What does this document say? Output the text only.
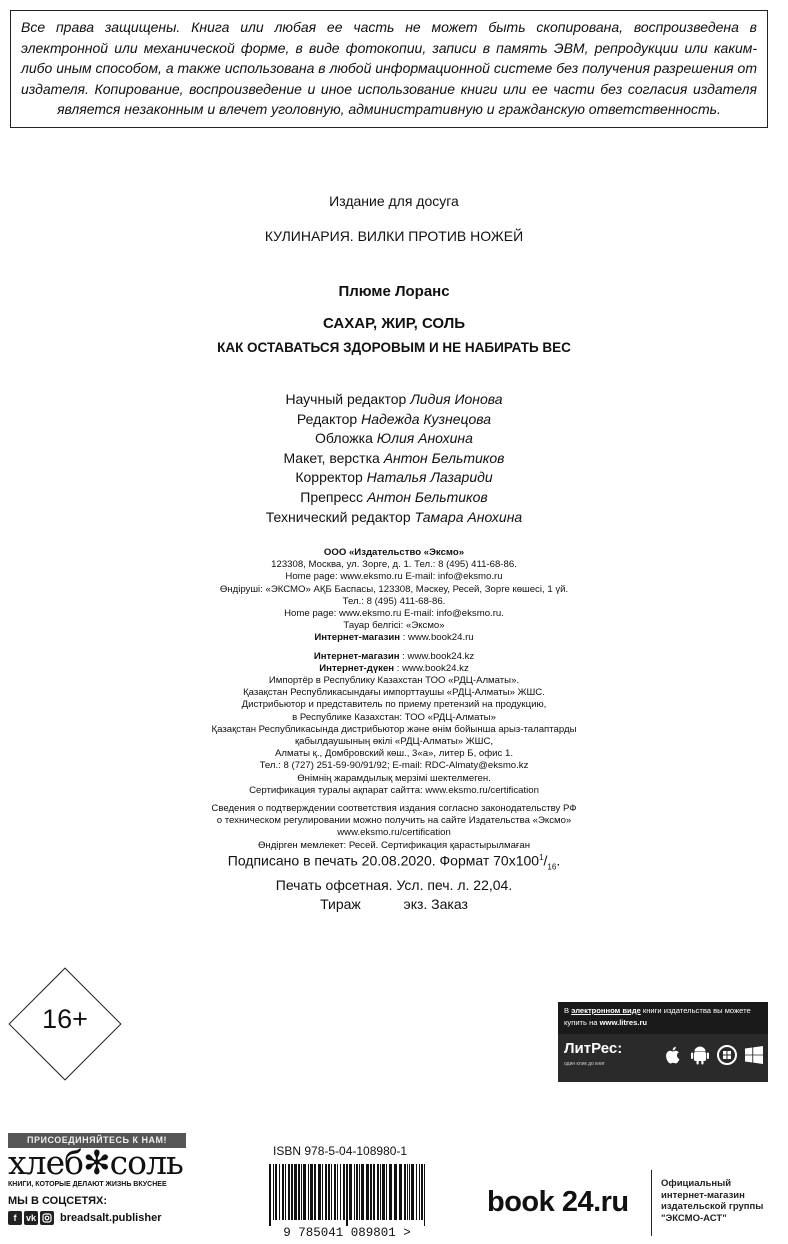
Все права защищены. Книга или любая ее часть не может быть скопирована, воспроизведена в электронной или механической форме, в виде фотокопии, записи в память ЭВМ, репродукции или каким-либо иным способом, а также использована в любой информационной системе без получения разрешения от издателя. Копирование, воспроизведение и иное использование книги или ее части без согласия издателя является незаконным и влечет уголовную, административную и гражданскую ответственность.

Издание для досуга
КУЛИНАРИЯ. ВИЛКИ ПРОТИВ НОЖЕЙ
Плюме Лоранс
САХАР, ЖИР, СОЛЬ
КАК ОСТАВАТЬСЯ ЗДОРОВЫМ И НЕ НАБИРАТЬ ВЕС
Научный редактор Лидия Ионова
Редактор Надежда Кузнецова
Обложка Юлия Анохина
Макет, верстка Антон Бельтиков
Корректор Наталья Лазариди
Препресс Антон Бельтиков
Технический редактор Тамара Анохина
ООО «Издательство «Эксмо»
123308, Москва, ул. Зорге, д. 1. Тел.: 8 (495) 411-68-86.
Home page: www.eksmo.ru E-mail: info@eksmo.ru
Өндіруші: «ЭКСМО» АҚБ Баспасы, 123308, Мәскеу, Ресей, Зорге көшесі, 1 үй.
Тел.: 8 (495) 411-68-86.
Home page: www.eksmo.ru E-mail: info@eksmo.ru.
Тауар белгісі: «Эксмо»
Интернет-магазин : www.book24.ru
Интернет-магазин : www.book24.kz
Интернет-дүкен : www.book24.kz
Импортёр в Республику Казахстан ТОО «РДЦ-Алматы».
Қазақстан Республикасындағы импорттаушы «РДЦ-Алматы» ЖШС.
Дистрибьютор и представитель по приему претензий на продукцию,
в Республике Казахстан: ТОО «РДЦ-Алматы»
Қазақстан Республикасында дистрибьютор және өнім бойынша арыз-талаптарды
қабылдаушының өкілі «РДЦ-Алматы» ЖШС,
Алматы қ., Домбровский көш., 3«а», литер Б, офис 1.
Тел.: 8 (727) 251-59-90/91/92; E-mail: RDC-Almaty@eksmo.kz
Өнімнің жарамдылық мерзімі шектелмеген.
Сертификация туралы ақпарат сайтта: www.eksmo.ru/certification
Сведения о подтверждении соответствия издания согласно законодательству РФ
о техническом регулировании можно получить на сайте Издательства «Эксмо»
www.eksmo.ru/certification
Өндірген мемлекет: Ресей. Сертификация қарастырылмаған
Подписано в печать 20.08.2020. Формат $70x100^1/_{16}$.
Печать офсетная. Усл. печ. л. 22,04.
Тираж           экз. Заказ
16+	В электронном виде книги издательства вы можете
купить на www.litres.ru
ЛитРес:
один клик до книг
ПРИСОЕДИНЯЙТЕСЬ К НАМ!
хлеб✻соль
КНИГИ, КОТОРЫЕ ДЕЛАЮТ ЖИЗНЬ ВКУСНЕЕ
МЫ В СОЦСЕТЯХ:
f	vk breadsalt.publisher
ISBN 978-5-04-108980-1
9 785041 089801 >
book 24.ru
Официальный
интернет-магазин
издательской группы
"ЭКСМО-АСТ"
